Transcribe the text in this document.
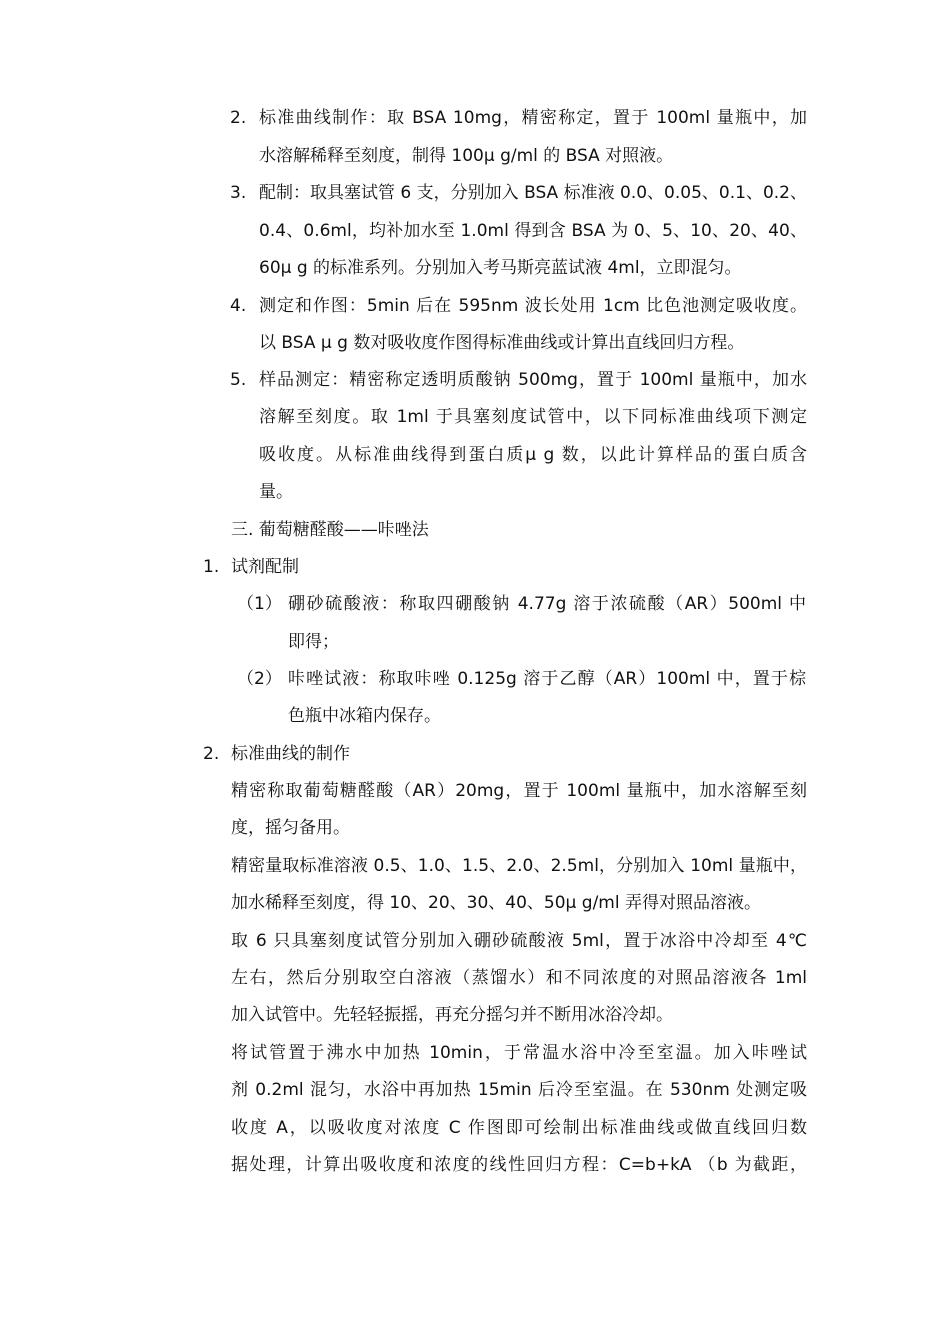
2. 标准曲线制作：取 BSA 10mg，精密称定，置于 100ml 量瓶中，加
水溶解稀释至刻度，制得 100μ g/ml 的 BSA 对照液。
3. 配制：取具塞试管 6 支，分别加入 BSA 标准液 0.0、0.05、0.1、0.2、
0.4、0.6ml，均补加水至 1.0ml 得到含 BSA 为 0、5、10、20、40、
60μ g 的标准系列。分别加入考马斯亮蓝试液 4ml，立即混匀。
4. 测定和作图：5min 后在 595nm 波长处用 1cm 比色池测定吸收度。
以 BSA μ g 数对吸收度作图得标准曲线或计算出直线回归方程。
5. 样品测定：精密称定透明质酸钠 500mg，置于 100ml 量瓶中，加水
溶解至刻度。取 1ml 于具塞刻度试管中，以下同标准曲线项下测定
吸收度。从标准曲线得到蛋白质μ g 数，以此计算样品的蛋白质含
量。
三. 葡萄糖醛酸——咔唑法
1. 试剂配制
（1） 硼砂硫酸液：称取四硼酸钠 4.77g 溶于浓硫酸（AR）500ml 中
即得；
（2） 咔唑试液：称取咔唑 0.125g 溶于乙醇（AR）100ml 中，置于棕
色瓶中冰箱内保存。
2. 标准曲线的制作
精密称取葡萄糖醛酸（AR）20mg，置于 100ml 量瓶中，加水溶解至刻
度，摇匀备用。
精密量取标准溶液 0.5、1.0、1.5、2.0、2.5ml，分别加入 10ml 量瓶中，
加水稀释至刻度，得 10、20、30、40、50μ g/ml 弄得对照品溶液。
取 6 只具塞刻度试管分别加入硼砂硫酸液 5ml，置于冰浴中冷却至 4℃
左右，然后分别取空白溶液（蒸馏水）和不同浓度的对照品溶液各 1ml
加入试管中。先轻轻振摇，再充分摇匀并不断用冰浴冷却。
将试管置于沸水中加热 10min，于常温水浴中冷至室温。加入咔唑试
剂 0.2ml 混匀，水浴中再加热 15min 后冷至室温。在 530nm 处测定吸
收度 A，以吸收度对浓度 C 作图即可绘制出标准曲线或做直线回归数
据处理，计算出吸收度和浓度的线性回归方程：C=b+kA （b 为截距，
